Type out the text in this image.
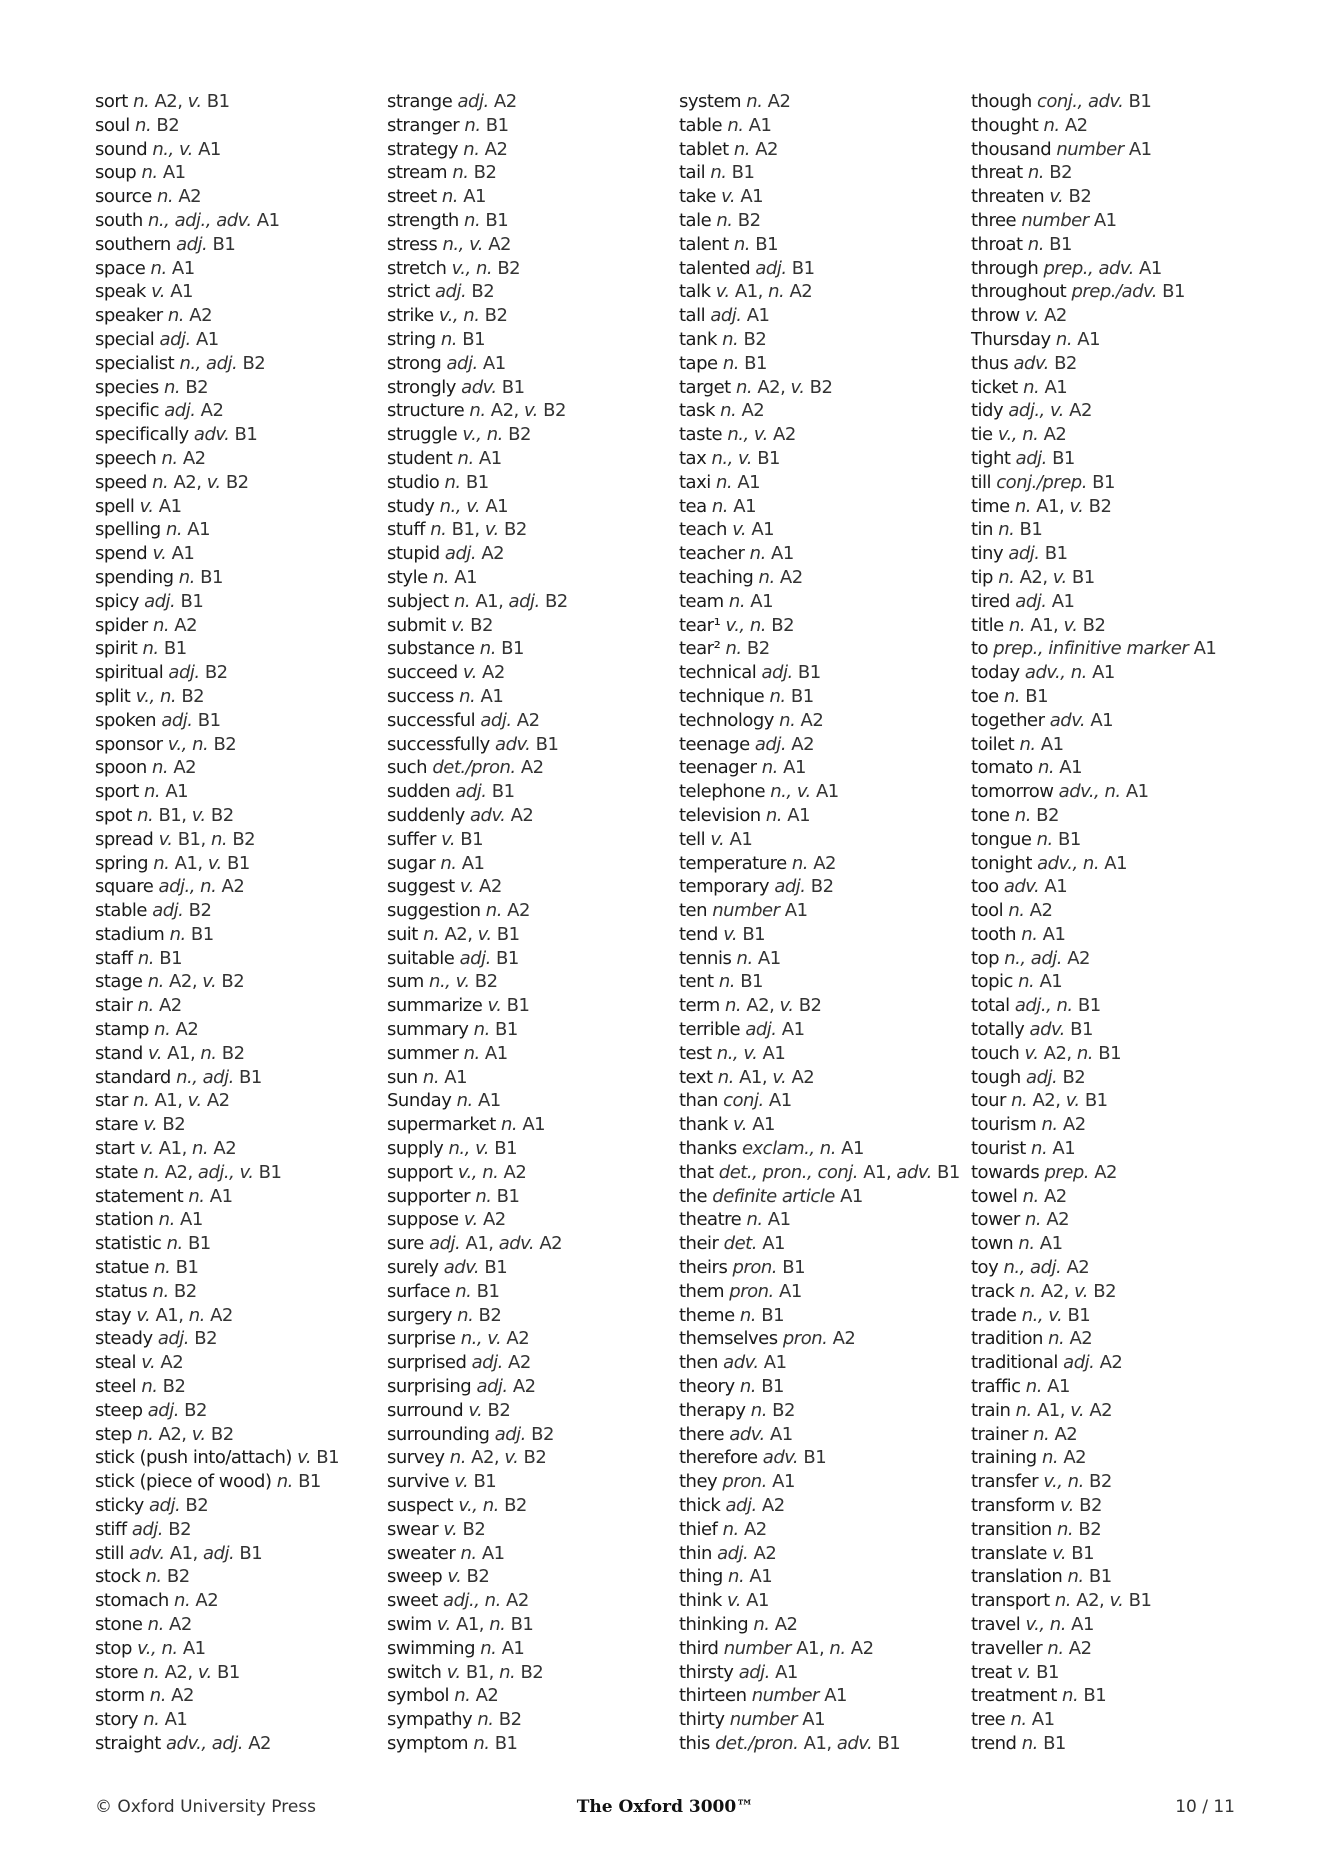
sort n. A2, v. B1
soul n. B2
sound n., v. A1
soup n. A1
source n. A2
south n., adj., adv. A1
southern adj. B1
space n. A1
speak v. A1
speaker n. A2
special adj. A1
specialist n., adj. B2
species n. B2
specific adj. A2
specifically adv. B1
speech n. A2
speed n. A2, v. B2
spell v. A1
spelling n. A1
spend v. A1
spending n. B1
spicy adj. B1
spider n. A2
spirit n. B1
spiritual adj. B2
split v., n. B2
spoken adj. B1
sponsor v., n. B2
spoon n. A2
sport n. A1
spot n. B1, v. B2
spread v. B1, n. B2
spring n. A1, v. B1
square adj., n. A2
stable adj. B2
stadium n. B1
staff n. B1
stage n. A2, v. B2
stair n. A2
stamp n. A2
stand v. A1, n. B2
standard n., adj. B1
star n. A1, v. A2
stare v. B2
start v. A1, n. A2
state n. A2, adj., v. B1
statement n. A1
station n. A1
statistic n. B1
statue n. B1
status n. B2
stay v. A1, n. A2
steady adj. B2
steal v. A2
steel n. B2
steep adj. B2
step n. A2, v. B2
stick (push into/attach) v. B1
stick (piece of wood) n. B1
sticky adj. B2
stiff adj. B2
still adv. A1, adj. B1
stock n. B2
stomach n. A2
stone n. A2
stop v., n. A1
store n. A2, v. B1
storm n. A2
story n. A1
straight adv., adj. A2
strange adj. A2
stranger n. B1
strategy n. A2
stream n. B2
street n. A1
strength n. B1
stress n., v. A2
stretch v., n. B2
strict adj. B2
strike v., n. B2
string n. B1
strong adj. A1
strongly adv. B1
structure n. A2, v. B2
struggle v., n. B2
student n. A1
studio n. B1
study n., v. A1
stuff n. B1, v. B2
stupid adj. A2
style n. A1
subject n. A1, adj. B2
submit v. B2
substance n. B1
succeed v. A2
success n. A1
successful adj. A2
successfully adv. B1
such det./pron. A2
sudden adj. B1
suddenly adv. A2
suffer v. B1
sugar n. A1
suggest v. A2
suggestion n. A2
suit n. A2, v. B1
suitable adj. B1
sum n., v. B2
summarize v. B1
summary n. B1
summer n. A1
sun n. A1
Sunday n. A1
supermarket n. A1
supply n., v. B1
support v., n. A2
supporter n. B1
suppose v. A2
sure adj. A1, adv. A2
surely adv. B1
surface n. B1
surgery n. B2
surprise n., v. A2
surprised adj. A2
surprising adj. A2
surround v. B2
surrounding adj. B2
survey n. A2, v. B2
survive v. B1
suspect v., n. B2
swear v. B2
sweater n. A1
sweep v. B2
sweet adj., n. A2
swim v. A1, n. B1
swimming n. A1
switch v. B1, n. B2
symbol n. A2
sympathy n. B2
symptom n. B1
system n. A2
table n. A1
tablet n. A2
tail n. B1
take v. A1
tale n. B2
talent n. B1
talented adj. B1
talk v. A1, n. A2
tall adj. A1
tank n. B2
tape n. B1
target n. A2, v. B2
task n. A2
taste n., v. A2
tax n., v. B1
taxi n. A1
tea n. A1
teach v. A1
teacher n. A1
teaching n. A2
team n. A1
tear¹ v., n. B2
tear² n. B2
technical adj. B1
technique n. B1
technology n. A2
teenage adj. A2
teenager n. A1
telephone n., v. A1
television n. A1
tell v. A1
temperature n. A2
temporary adj. B2
ten number A1
tend v. B1
tennis n. A1
tent n. B1
term n. A2, v. B2
terrible adj. A1
test n., v. A1
text n. A1, v. A2
than conj. A1
thank v. A1
thanks exclam., n. A1
that det., pron., conj. A1, adv. B1
the definite article A1
theatre n. A1
their det. A1
theirs pron. B1
them pron. A1
theme n. B1
themselves pron. A2
then adv. A1
theory n. B1
therapy n. B2
there adv. A1
therefore adv. B1
they pron. A1
thick adj. A2
thief n. A2
thin adj. A2
thing n. A1
think v. A1
thinking n. A2
third number A1, n. A2
thirsty adj. A1
thirteen number A1
thirty number A1
this det./pron. A1, adv. B1
though conj., adv. B1
thought n. A2
thousand number A1
threat n. B2
threaten v. B2
three number A1
throat n. B1
through prep., adv. A1
throughout prep./adv. B1
throw v. A2
Thursday n. A1
thus adv. B2
ticket n. A1
tidy adj., v. A2
tie v., n. A2
tight adj. B1
till conj./prep. B1
time n. A1, v. B2
tin n. B1
tiny adj. B1
tip n. A2, v. B1
tired adj. A1
title n. A1, v. B2
to prep., infinitive marker A1
today adv., n. A1
toe n. B1
together adv. A1
toilet n. A1
tomato n. A1
tomorrow adv., n. A1
tone n. B2
tongue n. B1
tonight adv., n. A1
too adv. A1
tool n. A2
tooth n. A1
top n., adj. A2
topic n. A1
total adj., n. B1
totally adv. B1
touch v. A2, n. B1
tough adj. B2
tour n. A2, v. B1
tourism n. A2
tourist n. A1
towards prep. A2
towel n. A2
tower n. A2
town n. A1
toy n., adj. A2
track n. A2, v. B2
trade n., v. B1
tradition n. A2
traditional adj. A2
traffic n. A1
train n. A1, v. A2
trainer n. A2
training n. A2
transfer v., n. B2
transform v. B2
transition n. B2
translate v. B1
translation n. B1
transport n. A2, v. B1
travel v., n. A1
traveller n. A2
treat v. B1
treatment n. B1
tree n. A1
trend n. B1
© Oxford University Press	The Oxford 3000™	10 / 11
